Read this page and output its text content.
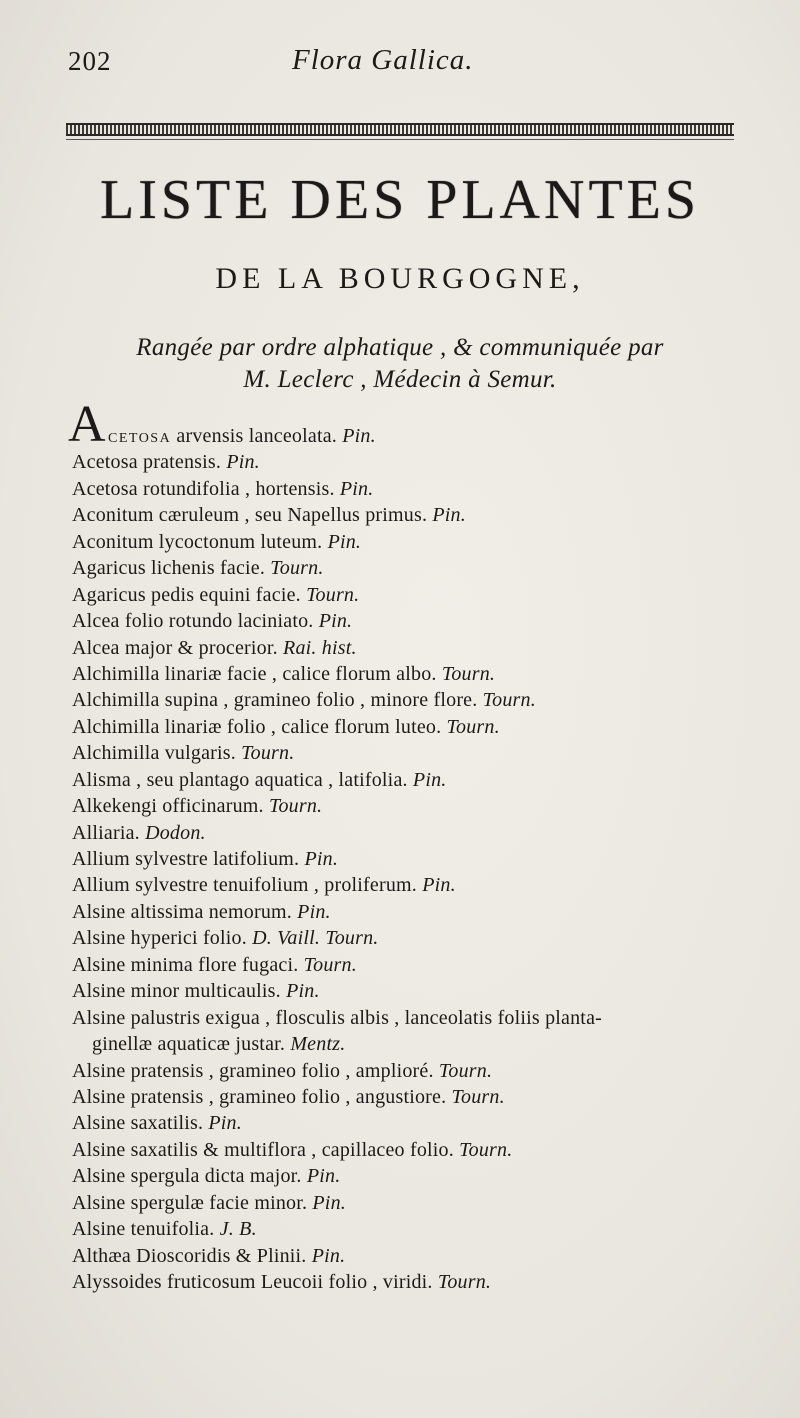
202	Flora Gallica.
LISTE DES PLANTES
DE LA BOURGOGNE,
Rangée par ordre alphatique , & communiquée par
M. Leclerc , Médecin à Semur.
A CETOSA arvensis lanceolata. Pin.
Acetosa pratensis. Pin.
Acetosa rotundifolia , hortensis. Pin.
Aconitum cæruleum , seu Napellus primus. Pin.
Aconitum lycoctonum luteum. Pin.
Agaricus lichenis facie. Tourn.
Agaricus pedis equini facie. Tourn.
Alcea folio rotundo laciniato. Pin.
Alcea major & procerior. Rai. hist.
Alchimilla linariæ facie , calice florum albo. Tourn.
Alchimilla supina , gramineo folio , minore flore. Tourn.
Alchimilla linariæ folio , calice florum luteo. Tourn.
Alchimilla vulgaris. Tourn.
Alisma , seu plantago aquatica , latifolia. Pin.
Alkekengi officinarum. Tourn.
Alliaria. Dodon.
Allium sylvestre latifolium. Pin.
Allium sylvestre tenuifolium , proliferum. Pin.
Alsine altissima nemorum. Pin.
Alsine hyperici folio. D. Vaill. Tourn.
Alsine minima flore fugaci. Tourn.
Alsine minor multicaulis. Pin.
Alsine palustris exigua , flosculis albis , lanceolatis foliis planta-
ginellæ aquaticæ justar. Mentz.
Alsine pratensis , gramineo folio , amplioré. Tourn.
Alsine pratensis , gramineo folio , angustiore. Tourn.
Alsine saxatilis. Pin.
Alsine saxatilis & multiflora , capillaceo folio. Tourn.
Alsine spergula dicta major. Pin.
Alsine spergulæ facie minor. Pin.
Alsine tenuifolia. J. B.
Althæa Dioscoridis & Plinii. Pin.
Alyssoides fruticosum Leucoii folio , viridi. Tourn.
